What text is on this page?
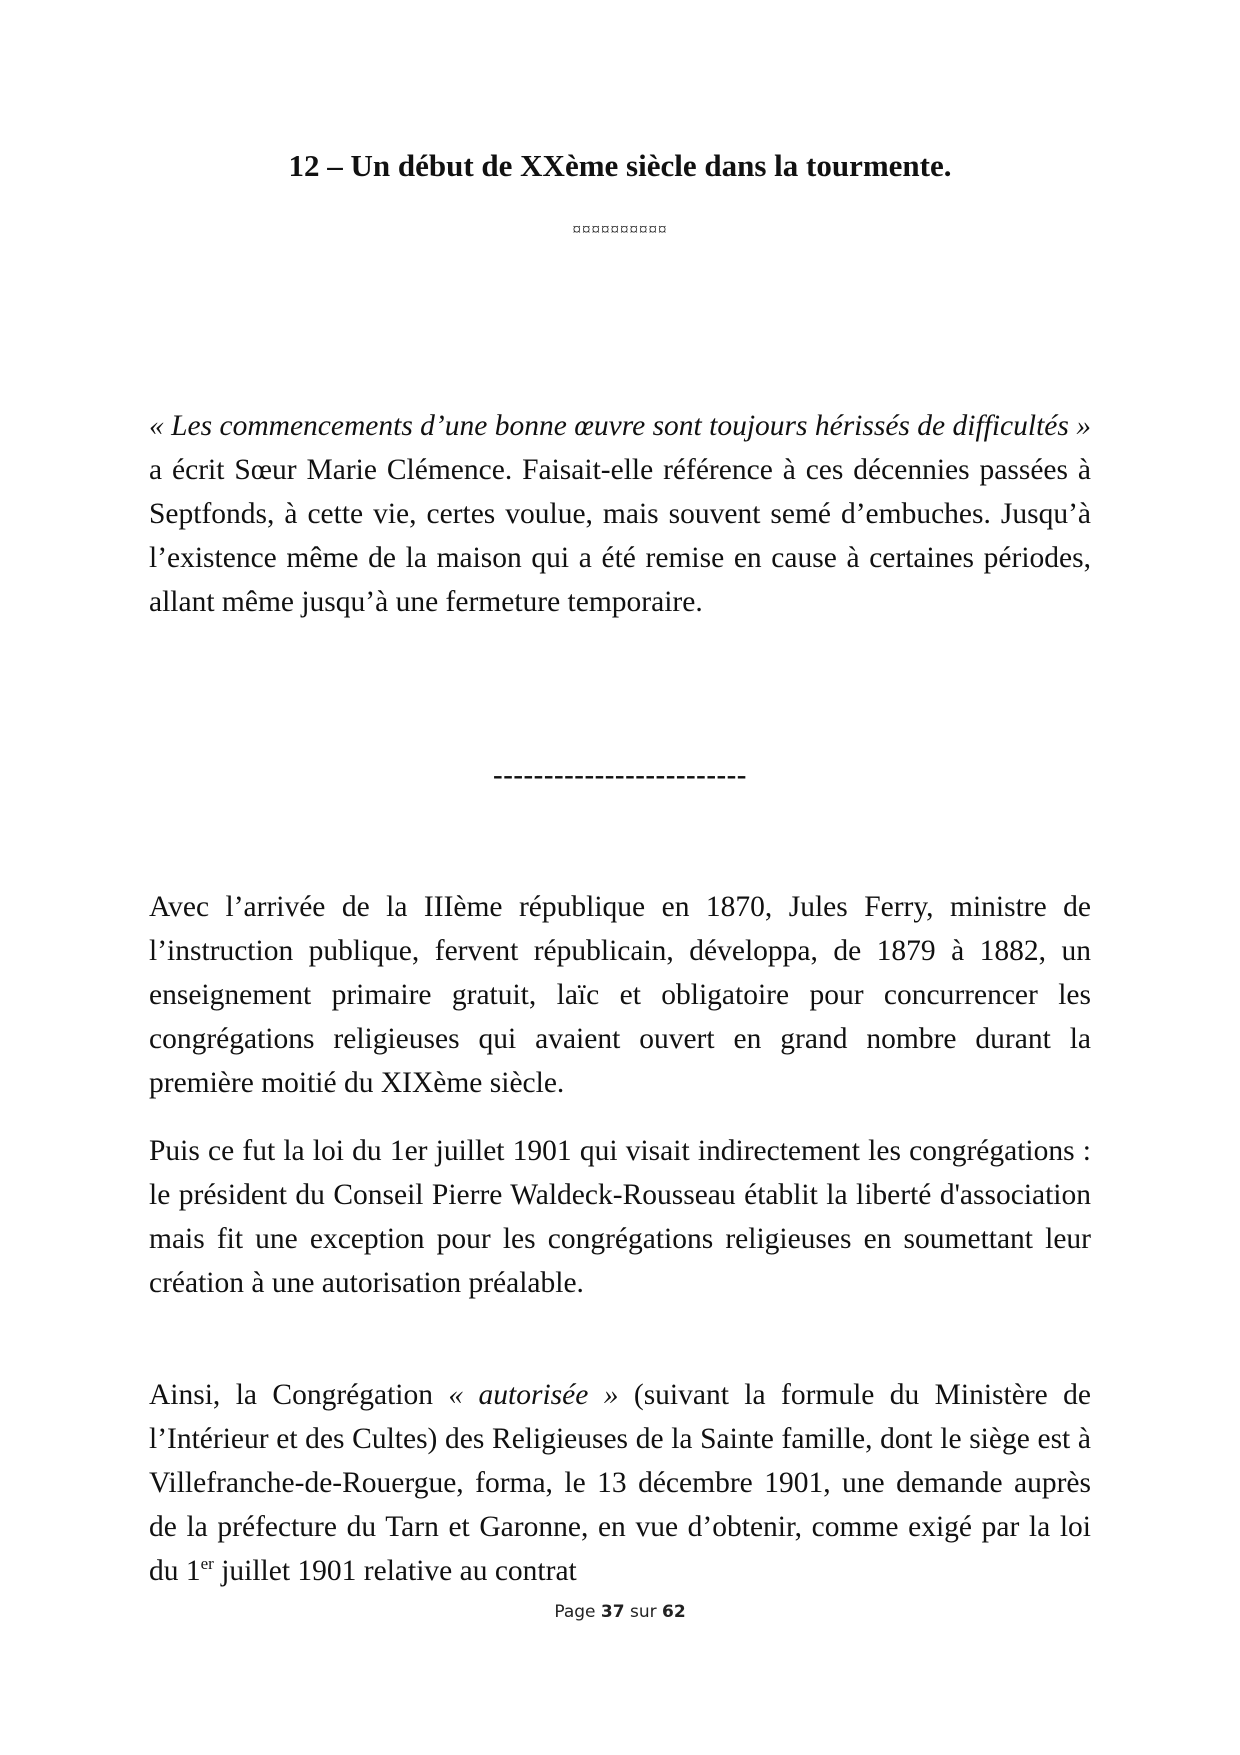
12 – Un début de XXème siècle dans la tourmente.
¤¤¤¤¤¤¤¤¤¤

« Les commencements d’une bonne œuvre sont toujours hérissés de difficultés » a écrit Sœur Marie Clémence. Faisait-elle référence à ces décennies passées à Septfonds, à cette vie, certes voulue, mais souvent semé d’embuches. Jusqu’à l’existence même de la maison qui a été remise en cause à certaines périodes, allant même jusqu’à une fermeture temporaire.

-------------------------

Avec l’arrivée de la IIIème république en 1870, Jules Ferry, ministre de l’instruction publique, fervent républicain, développa, de 1879 à 1882, un enseignement primaire gratuit, laïc et obligatoire pour concurrencer les congrégations religieuses qui avaient ouvert en grand nombre durant la première moitié du XIXème siècle.

Puis ce fut la loi du 1er juillet 1901 qui visait indirectement les congrégations : le président du Conseil Pierre Waldeck-Rousseau établit la liberté d'association mais fit une exception pour les congrégations religieuses en soumettant leur création à une autorisation préalable.

Ainsi, la Congrégation « autorisée » (suivant la formule du Ministère de l’Intérieur et des Cultes) des Religieuses de la Sainte famille, dont le siège est à Villefranche-de-Rouergue, forma, le 13 décembre 1901, une demande auprès de la préfecture du Tarn et Garonne, en vue d’obtenir, comme exigé par la loi du 1er juillet 1901 relative au contrat

Page 37 sur 62
